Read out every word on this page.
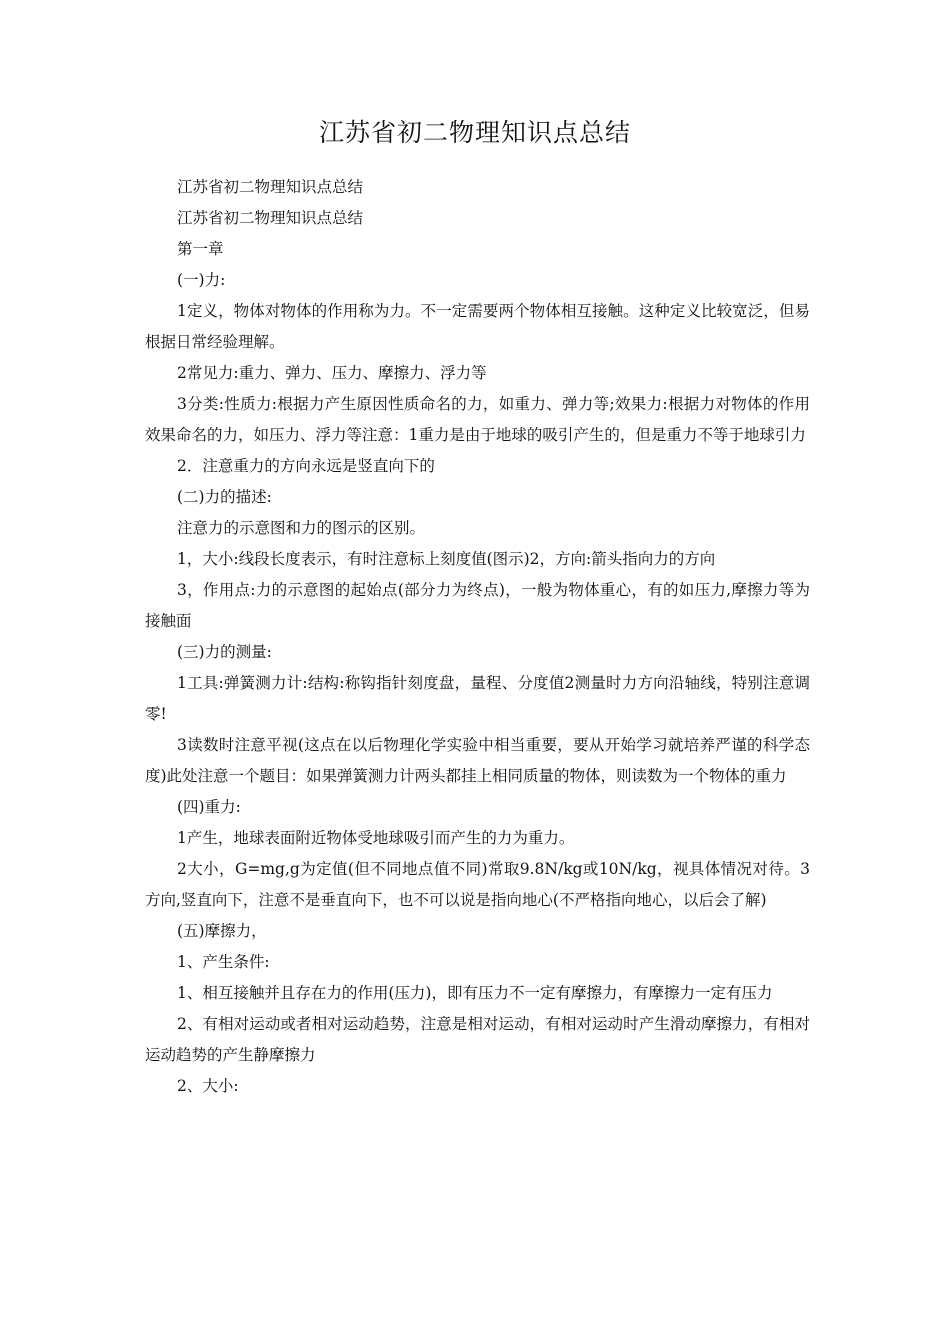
江苏省初二物理知识点总结

江苏省初二物理知识点总结

江苏省初二物理知识点总结

第一章

(一)力:

1定义，物体对物体的作用称为力。不一定需要两个物体相互接触。这种定义比较宽泛，但易根据日常经验理解。

2常见力:重力、弹力、压力、摩擦力、浮力等

3分类:性质力:根据力产生原因性质命名的力，如重力、弹力等;效果力:根据力对物体的作用效果命名的力，如压力、浮力等注意：1重力是由于地球的吸引产生的，但是重力不等于地球引力

2．注意重力的方向永远是竖直向下的

(二)力的描述:

注意力的示意图和力的图示的区别。

1，大小:线段长度表示，有时注意标上刻度值(图示)2，方向:箭头指向力的方向

3，作用点:力的示意图的起始点(部分力为终点)，一般为物体重心，有的如压力,摩擦力等为接触面

(三)力的测量:

1工具:弹簧测力计:结构:称钩指针刻度盘，量程、分度值2测量时力方向沿轴线，特别注意调零!

3读数时注意平视(这点在以后物理化学实验中相当重要，要从开始学习就培养严谨的科学态度)此处注意一个题目：如果弹簧测力计两头都挂上相同质量的物体，则读数为一个物体的重力

(四)重力:

1产生，地球表面附近物体受地球吸引而产生的力为重力。

2大小，G=mg,g为定值(但不同地点值不同)常取9.8N/kg或10N/kg，视具体情况对待。3方向,竖直向下，注意不是垂直向下，也不可以说是指向地心(不严格指向地心，以后会了解)

(五)摩擦力，

1、产生条件:

1、相互接触并且存在力的作用(压力)，即有压力不一定有摩擦力，有摩擦力一定有压力

2、有相对运动或者相对运动趋势，注意是相对运动，有相对运动时产生滑动摩擦力，有相对运动趋势的产生静摩擦力

2、大小:
